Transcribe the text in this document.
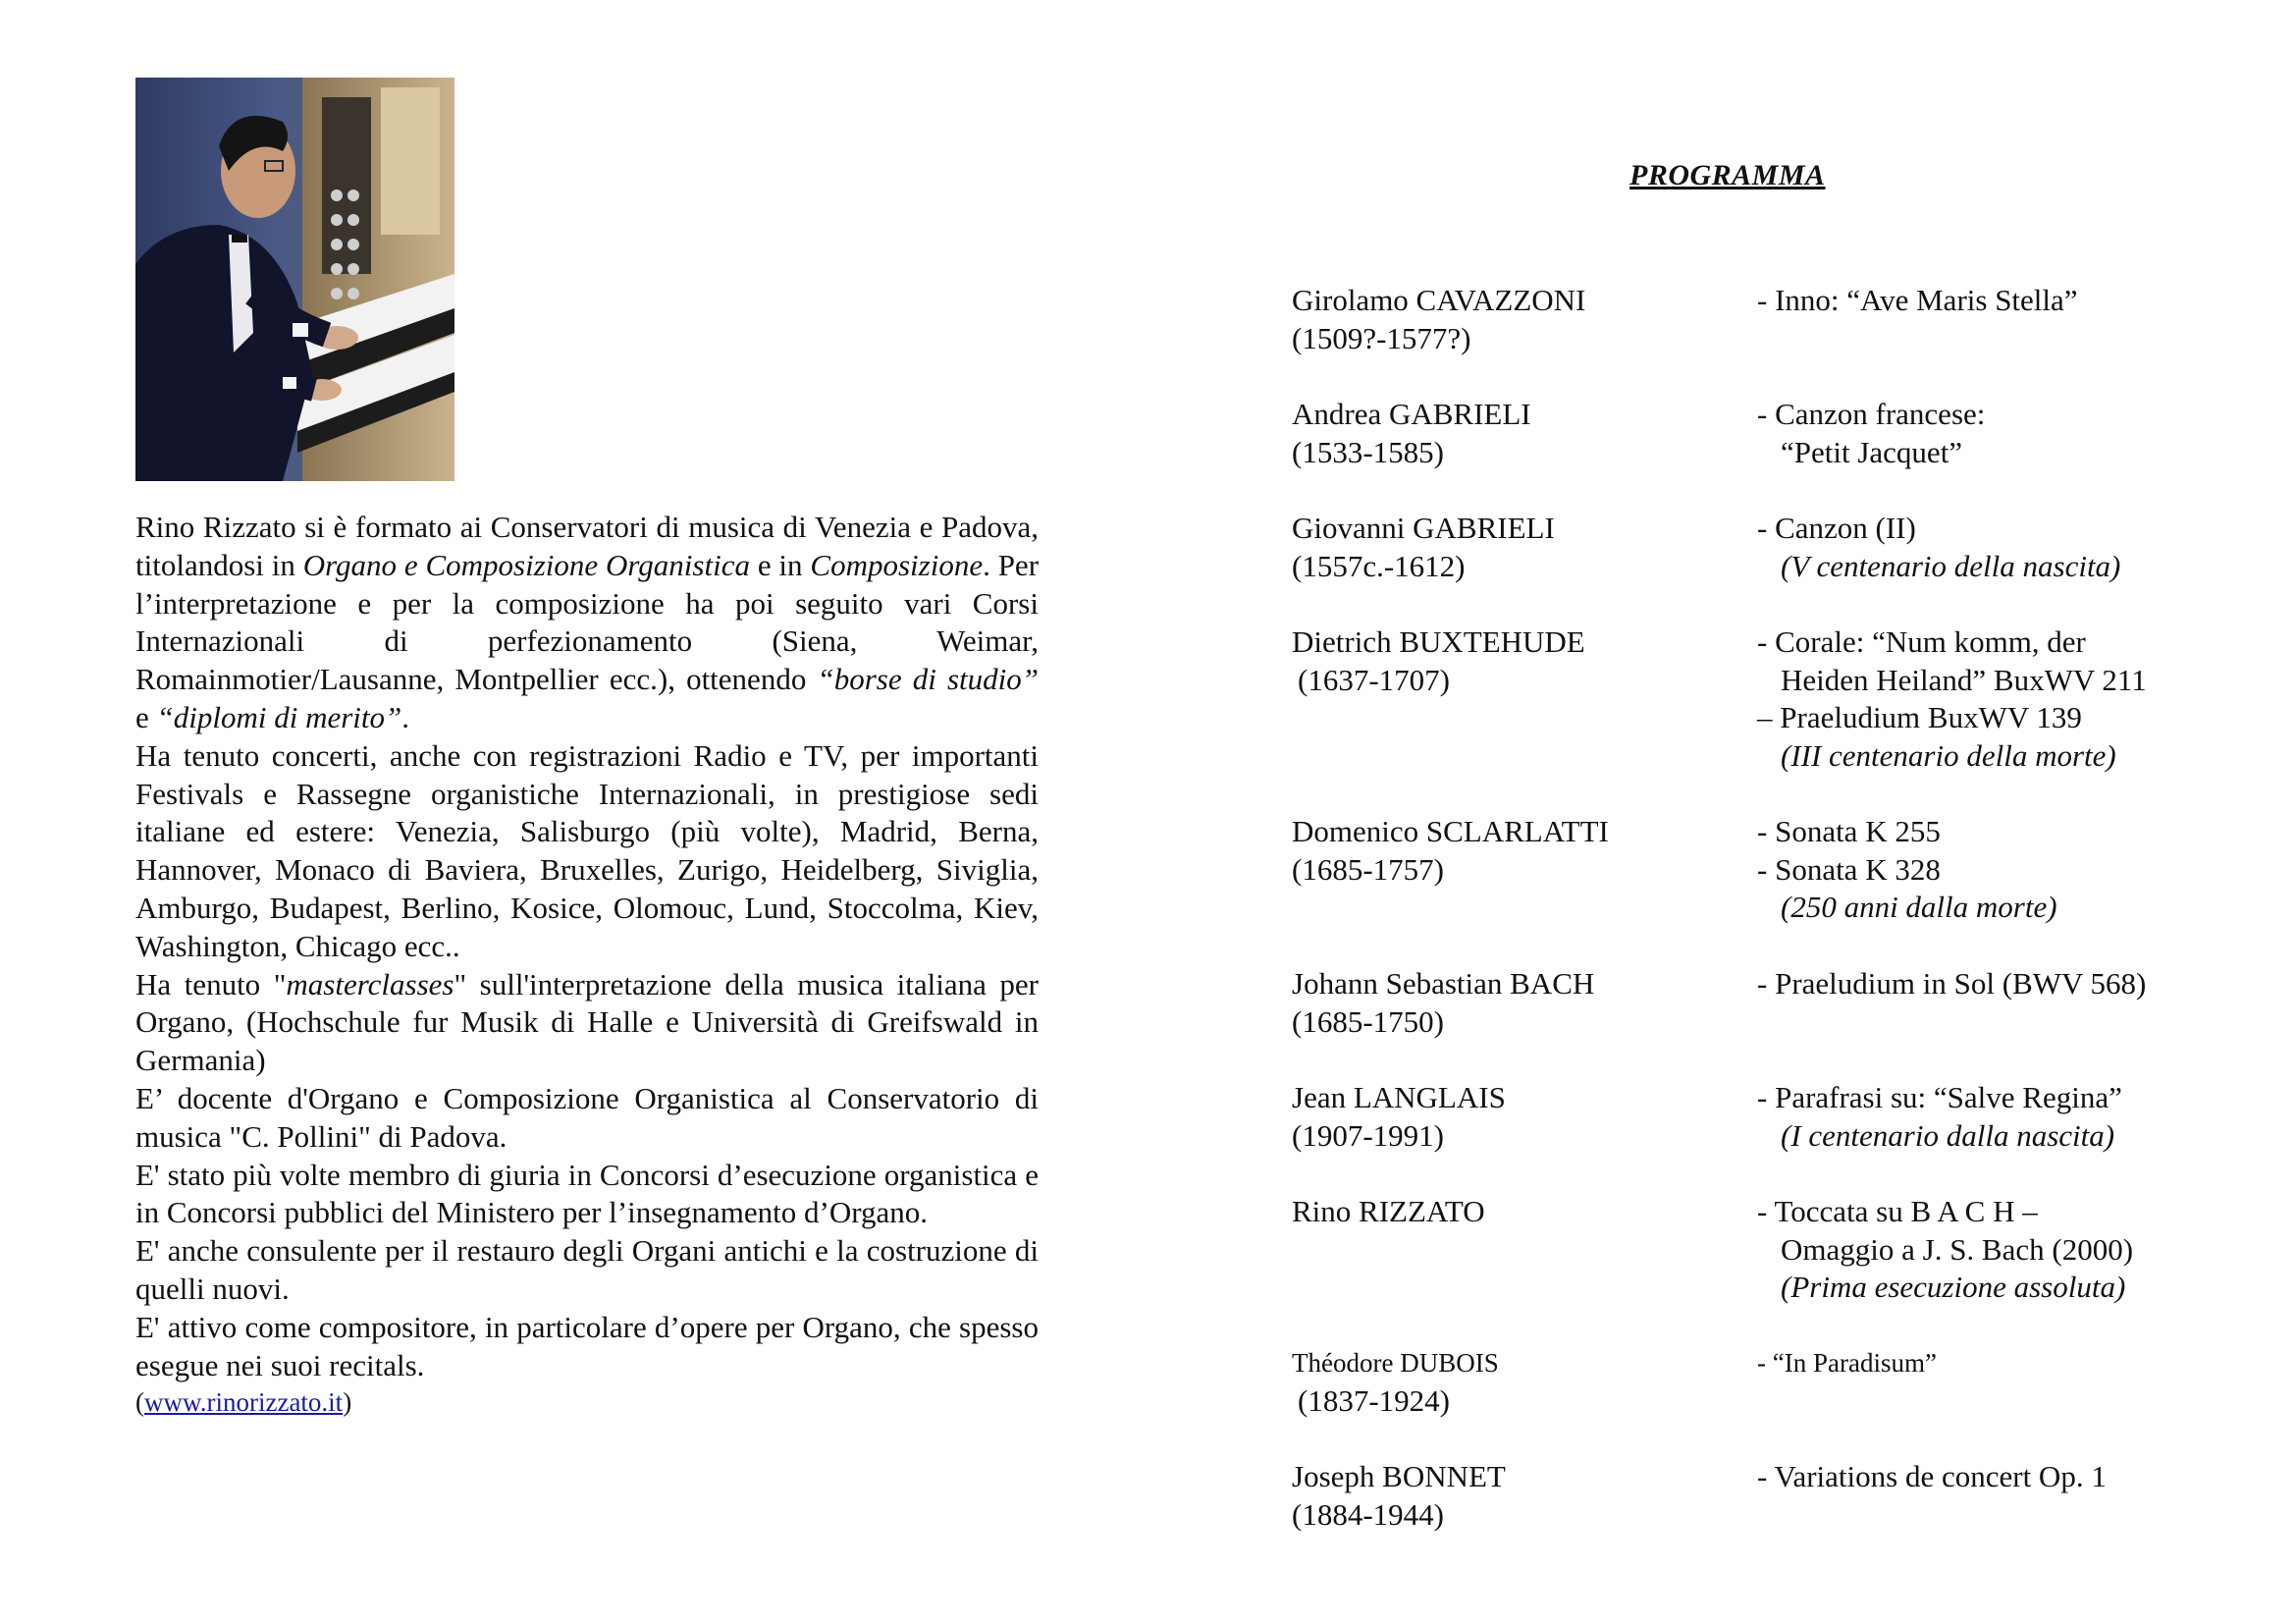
Rino Rizzato si è formato ai Conservatori di musica di Venezia e Padova, titolandosi in Organo e Composizione Organistica e in Composizione. Per l’interpretazione e per la composizione ha poi seguito vari Corsi Internazionali di perfezionamento (Siena, Weimar, Romainmotier/Lausanne, Montpellier ecc.), ottenendo “borse di studio” e “diplomi di merito”.

Ha tenuto concerti, anche con registrazioni Radio e TV, per importanti Festivals e Rassegne organistiche Internazionali, in prestigiose sedi italiane ed estere: Venezia, Salisburgo (più volte), Madrid, Berna, Hannover, Monaco di Baviera, Bruxelles, Zurigo, Heidelberg, Siviglia, Amburgo, Budapest, Berlino, Kosice, Olomouc, Lund, Stoccolma, Kiev, Washington, Chicago ecc..

Ha tenuto "masterclasses" sull'interpretazione della musica italiana per Organo, (Hochschule fur Musik di Halle e Università di Greifswald in Germania)

E’ docente d'Organo e Composizione Organistica al Conservatorio di musica "C. Pollini" di Padova.

E' stato più volte membro di giuria in Concorsi d’esecuzione organistica e in Concorsi pubblici del Ministero per l’insegnamento d’Organo.

E' anche consulente per il restauro degli Organi antichi e la costruzione di quelli nuovi.

E' attivo come compositore, in particolare d’opere per Organo, che spesso esegue nei suoi recitals.

(www.rinorizzato.it)

PROGRAMMA
Girolamo CAVAZZONI
(1509?-1577?)
- Inno: “Ave Maris Stella”
Andrea GABRIELI
(1533-1585)
- Canzon francese:
“Petit Jacquet”
Giovanni GABRIELI
(1557c.-1612)
- Canzon (II)
(V centenario della nascita)
Dietrich BUXTEHUDE
(1637-1707)
- Corale: “Num komm, der
Heiden Heiland” BuxWV 211
– Praeludium BuxWV 139
(III centenario della morte)
Domenico SCLARLATTI
(1685-1757)
- Sonata K 255
- Sonata K 328
(250 anni dalla morte)
Johann Sebastian BACH
(1685-1750)
- Praeludium in Sol (BWV 568)
Jean LANGLAIS
(1907-1991)
- Parafrasi su: “Salve Regina”
(I centenario dalla nascita)
Rino RIZZATO	- Toccata su B A C H –
Omaggio a J. S. Bach (2000)
(Prima esecuzione assoluta)
Théodore DUBOIS
(1837-1924)
- “In Paradisum”
Joseph BONNET
(1884-1944)
- Variations de concert Op. 1
